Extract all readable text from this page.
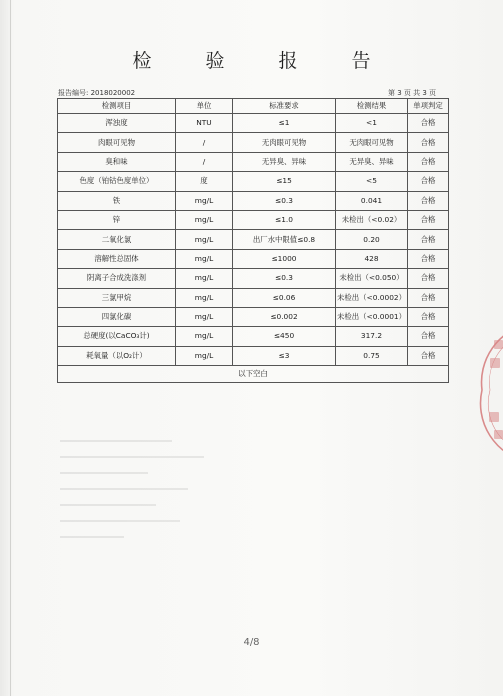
检 验 报 告
报告编号: 2018020002	第 3 页 共 3 页
检测项目	单位	标准要求	检测结果	单项判定
浑浊度	NTU	≤1	<1	合格
肉眼可见物	/	无肉眼可见物	无肉眼可见物	合格
臭和味	/	无异臭、异味	无异臭、异味	合格
色度（铂钴色度单位）	度	≤15	<5	合格
铁	mg/L	≤0.3	0.041	合格
锌	mg/L	≤1.0	未检出（<0.02）	合格
二氧化氯	mg/L	出厂水中限值≤0.8	0.20	合格
溶解性总固体	mg/L	≤1000	428	合格
阴离子合成洗涤剂	mg/L	≤0.3	未检出（<0.050）	合格
三氯甲烷	mg/L	≤0.06	未检出（<0.0002）	合格
四氯化碳	mg/L	≤0.002	未检出（<0.0001）	合格
总硬度(以CaCO₃计)	mg/L	≤450	317.2	合格
耗氧量（以O₂计）	mg/L	≤3	0.75	合格
以下空白				
4/8
